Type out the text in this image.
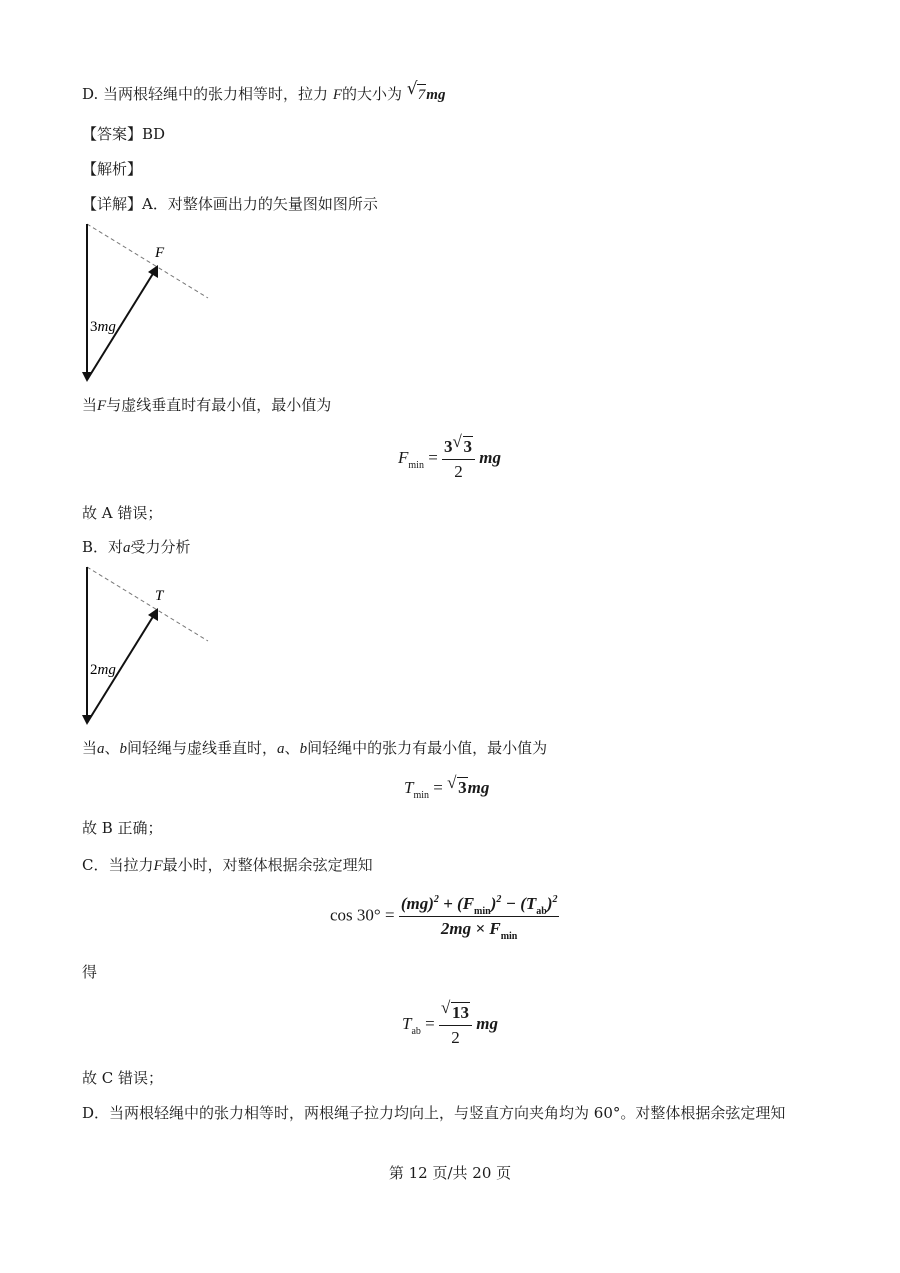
D. 当两根轻绳中的张力相等时，拉力 F的大小为 √ 7mg
【答案】BD
【解析】
【详解】A．对整体画出力的矢量图如图所示
F
3mg
当F与虚线垂直时有最小值，最小值为
$F_{min} = \frac{3 √ 3}{2}$ mg
故 A 错误；
B．对a受力分析
T
2mg
当a、b间轻绳与虚线垂直时，a、b间轻绳中的张力有最小值，最小值为
$T_{min}$ = √ 3mg
故 B 正确；
C．当拉力F最小时，对整体根据余弦定理知
$\cos 30^\circ = \frac{(mg)^2 + (F_{min})^2 - (T_{ab})^2}{2mg \times F_{min}}$
得
$T_{ab} = \frac{√ 13}{2}$ mg
故 C 错误；
D．当两根轻绳中的张力相等时，两根绳子拉力均向上，与竖直方向夹角均为 60°。对整体根据余弦定理知
第 12 页/共 20 页
